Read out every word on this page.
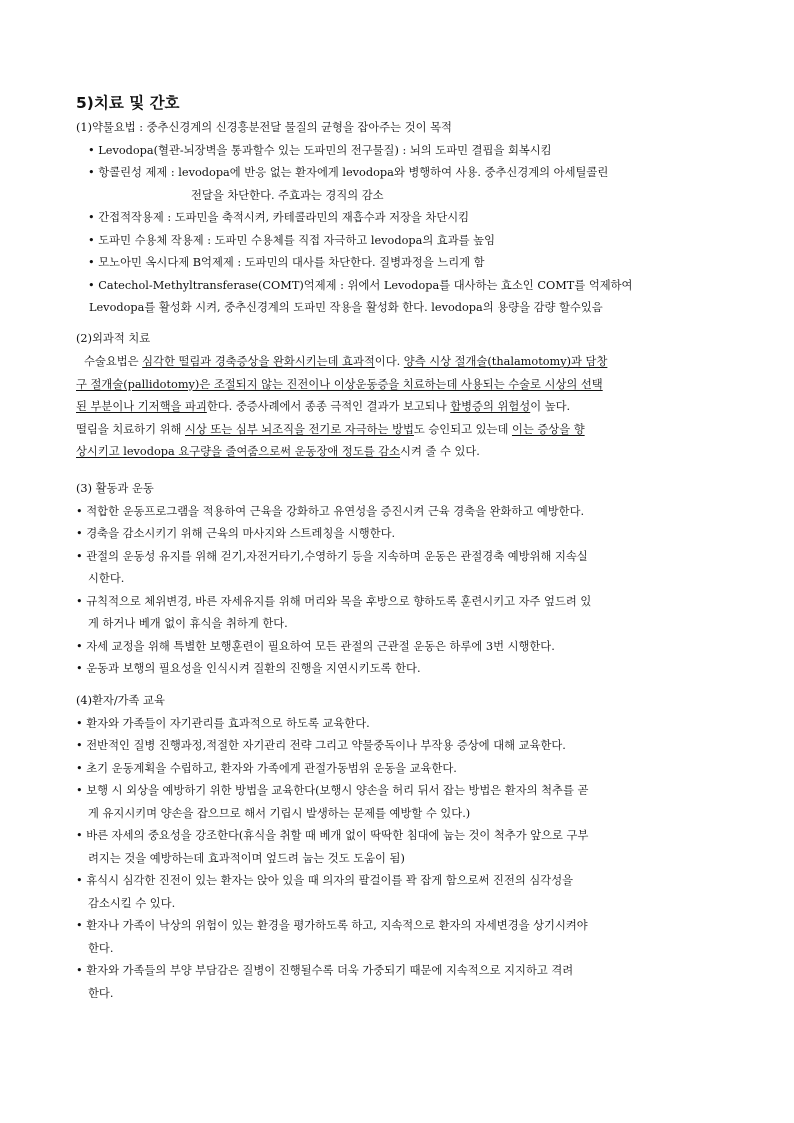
5)치료 및 간호
(1)약물요법 : 중추신경계의 신경흥분전달 물질의 균형을 잡아주는 것이 목적
• Levodopa(혈관-뇌장벽을 통과할수 있는 도파민의 전구물질) : 뇌의 도파민 결핍을 회복시킴
• 항콜린성 제제 : levodopa에 반응 없는 환자에게 levodopa와 병행하여 사용. 중추신경계의 아세틸콜린
전달을 차단한다. 주효과는 경직의 감소
• 간접적작용제 : 도파민을 축적시켜, 카테콜라민의 재흡수과 저장을 차단시킴
• 도파민 수용체 작용제 : 도파민 수용체를 직접 자극하고 levodopa의 효과를 높임
• 모노아민 옥시다제 B억제제 : 도파민의 대사를 차단한다. 질병과정을 느리게 함
• Catechol-Methyltransferase(COMT)억제제 : 위에서 Levodopa를 대사하는 효소인 COMT를 억제하여
Levodopa를 활성화 시켜, 중추신경계의 도파민 작용을 활성화 한다. levodopa의 용량을 감량 할수있음
(2)외과적 치료
수술요법은 심각한 떨림과 경축증상을 완화시키는데 효과적이다. 양측 시상 절개술(thalamotomy)과 담창
구 절개술(pallidotomy)은 조절되지 않는 진전이나 이상운동증을 치료하는데 사용되는 수술로 시상의 선택
된 부분이나 기저핵을 파괴한다. 중증사례에서 종종 극적인 결과가 보고되나 합병증의 위험성이 높다.
떨림을 치료하기 위해 시상 또는 심부 뇌조직을 전기로 자극하는 방법도 승인되고 있는데 이는 증상을 향
상시키고 levodopa 요구량을 줄여줌으로써 운동장애 정도를 감소시켜 줄 수 있다.
(3) 활동과 운동
• 적합한 운동프로그램을 적용하여 근육을 강화하고 유연성을 증진시켜 근육 경축을 완화하고 예방한다.
• 경축을 감소시키기 위해 근육의 마사지와 스트레칭을 시행한다.
• 관절의 운동성 유지를 위해 걷기,자전거타기,수영하기 등을 지속하며 운동은 관절경축 예방위해 지속실
시한다.
• 규칙적으로 체위변경, 바른 자세유지를 위해 머리와 목을 후방으로 향하도록 훈련시키고 자주 엎드려 있
게 하거나 베개 없이 휴식을 취하게 한다.
• 자세 교정을 위해 특별한 보행훈련이 필요하여 모든 관절의 근관절 운동은 하루에 3번 시행한다.
• 운동과 보행의 필요성을 인식시켜 질환의 진행을 지연시키도록 한다.
(4)환자/가족 교육
• 환자와 가족들이 자기관리를 효과적으로 하도록 교육한다.
• 전반적인 질병 진행과정,적절한 자기관리 전략 그리고 약물중독이나 부작용 증상에 대해 교육한다.
• 초기 운동계획을 수립하고, 환자와 가족에게 관절가동범위 운동을 교육한다.
• 보행 시 외상을 예방하기 위한 방법을 교육한다(보행시 양손을 허리 뒤서 잡는 방법은 환자의 척추를 곧
게 유지시키며 양손을 잡으므로 해서 기립시 발생하는 문제를 예방할 수 있다.)
• 바른 자세의 중요성을 강조한다(휴식을 취할 때 베개 없이 딱딱한 침대에 눕는 것이 척추가 앞으로 구부
려지는 것을 예방하는데 효과적이며 엎드려 눕는 것도 도움이 됨)
• 휴식시 심각한 진전이 있는 환자는 앉아 있을 때 의자의 팔걸이를 꽉 잡게 함으로써 진전의 심각성을
감소시킬 수 있다.
• 환자나 가족이 낙상의 위험이 있는 환경을 평가하도록 하고, 지속적으로 환자의 자세변경을 상기시켜야
한다.
• 환자와 가족들의 부양 부담감은 질병이 진행될수록 더욱 가중되기 때문에 지속적으로 지지하고 격려
한다.
